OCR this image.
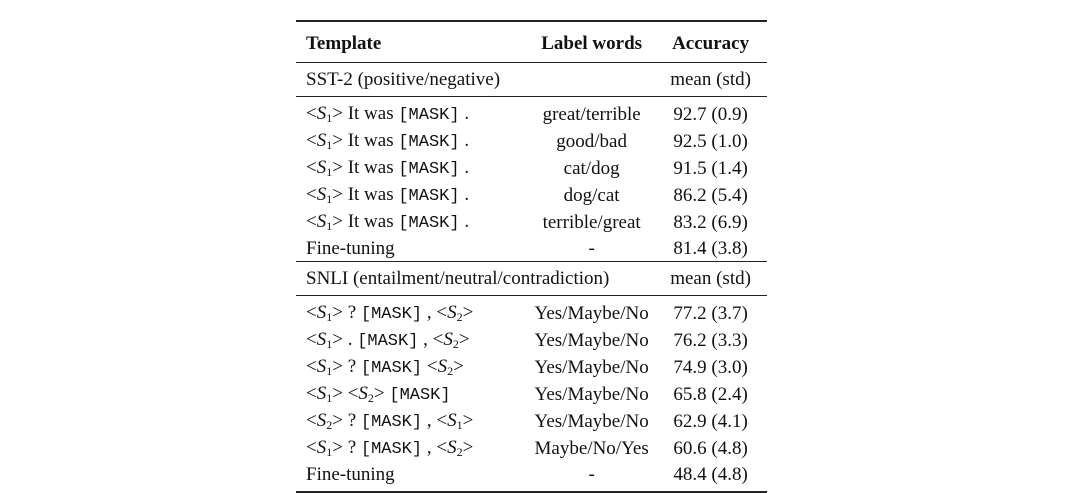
Template	Label words	Accuracy
SST-2 (positive/negative)		mean (std)
$<S_1> It$ was [MASK] .	great/terrible	92.7 (0.9)
$<S_1> It$ was [MASK] .	good/bad	92.5 (1.0)
$<S_1> It$ was [MASK] .	cat/dog	91.5 (1.4)
$<S_1> It$ was [MASK] .	dog/cat	86.2 (5.4)
$<S_1> It$ was [MASK] .	terrible/great	83.2 (6.9)
Fine-tuning	-	81.4 (3.8)
SNLI (entailment/neutral/contradiction)		mean (std)
$<S_1>$ ? [MASK] , $<S_2>$	Yes/Maybe/No	77.2 (3.7)
$<S_1>$ . [MASK] , $<S_2>$	Yes/Maybe/No	76.2 (3.3)
$<S_1>$ ? [MASK] $<S_2>$	Yes/Maybe/No	74.9 (3.0)
$<S_1> <S_2>$ [MASK]	Yes/Maybe/No	65.8 (2.4)
$<S_2>$ ? [MASK] , $<S_1>$	Yes/Maybe/No	62.9 (4.1)
$<S_1>$ ? [MASK] , $<S_2>$	Maybe/No/Yes	60.6 (4.8)
Fine-tuning	-	48.4 (4.8)
